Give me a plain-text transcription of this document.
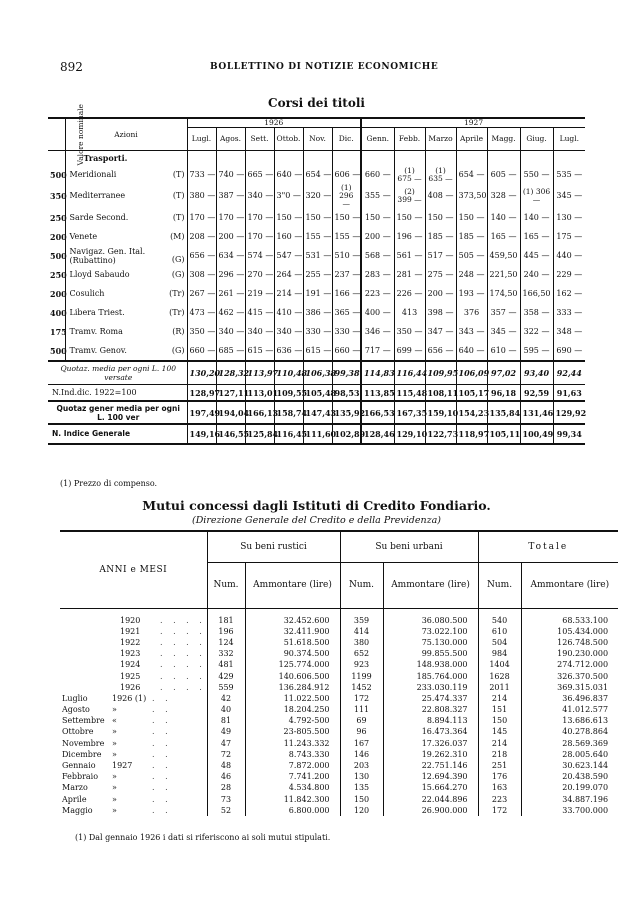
892	BOLLETTINO DI NOTIZIE ECONOMICHE
Corsi dei titoli
Valore nominale	Azioni	1926						1927						
		Lugl.	Agos.	Sett.	Ottob.	Nov.	Dic.	Genn.	Febb.	Marzo	Aprile	Magg.	Giug.	Lugl.
	Trasporti.													
500	Meridionali (T)	733 —	740 —	665 —	640 —	654 —	606 —	660 —	(1) 675 —	(1) 635 —	654 —	605 —	550 —	535 —
350	Mediterranee (T)	380 —	387 —	340 —	3"0 —	320 —	(1) 296 —	355 —	(2) 399 —	408 —	373,50	328 —	(1) 306 —	345 —
250	Sarde Second. (T)	170 —	170 —	170 —	150 —	150 —	150 —	150 —	150 —	150 —	150 —	140 —	140 —	130 —
200	Venete (M)	208 —	200 —	170 —	160 —	155 —	155 —	200 —	196 —	185 —	185 —	165 —	165 —	175 —
500	Navigaz. Gen. Ital. (Rubattino) (G)	656 —	634 —	574 —	547 —	531 —	510 —	568 —	561 —	517 —	505 —	459,50	445 —	440 —
250	Lloyd Sabaudo (G)	308 —	296 —	270 —	264 —	255 —	237 —	283 —	281 —	275 —	248 —	221,50	240 —	229 —
200	Cosulich (Tr)	267 —	261 —	219 —	214 —	191 —	166 —	223 —	226 —	200 —	193 —	174,50	166,50	162 —
400	Libera Triest. (Tr)	473 —	462 —	415 —	410 —	386 —	365 —	400 —	413	398 —	376	357 —	358 —	333 —
175	Tramv. Roma (R)	350 —	340 —	340 —	340 —	330 —	330 —	346 —	350 —	347 —	343 —	345 —	322 —	348 —
500	Tramv. Genov. (G)	660 —	685 —	615 —	636 —	615 —	660 —	717 —	699 —	656 —	640 —	610 —	595 —	690 —
Quotaz. media per ogni L. 100 versate		130,20	128,32	113,97	110,48	106,38	99,38	114,83	116,44	109,95	106,09	97,02	93,40	92,44
N.Ind.dic. 1922=100		128,97	127,11	113,01	109,55	105,48	98,53	113,85	115,48	108,11	105,17	96,18	92,59	91,63
Quotaz gener media per ogni L. 100 ver		197,49	194,04	166,13	158,74	147,43	135,92	166,53	167,35	159,10	154,23	135,84	131,46	129,92
N. Indice Generale		149,16	146,55	125,84	116,45	111,60	102,89	128,46	129,10	122,73	118,97	105,11	100,49	99,34
(1) Prezzo di compenso.
Mutui concessi dagli Istituti di Credito Fondiario.
(Direzione Generale del Credito e della Previdenza)
ANNI e MESI	Su beni rustici		Su beni urbani		Totale	
	Num.	Ammontare (lire)	Num.	Ammontare (lire)	Num.	Ammontare (lire)
1920 . . . .	181	32.452.600	359	36.080.500	540	68.533.100
1921 . . . .	196	32.411.900	414	73.022.100	610	105.434.000
1922 . . . .	124	51.618.500	380	75.130.000	504	126.748.500
1923 . . . .	332	90.374.500	652	99.855.500	984	190.230.000
1924 . . . .	481	125.774.000	923	148.938.000	1404	274.712.000
1925 . . . .	429	140.606.500	1199	185.764.000	1628	326.370.500
1926 . . . .	559	136.284.912	1452	233.030.119	2011	369.315.031
Luglio 1926 (1) . .	42	11.022.500	172	25.474.337	214	36.496.837
Agosto » . .	40	18.204.250	111	22.808.327	151	41.012.577
Settembre « . .	81	4.792-500	69	8.894.113	150	13.686.613
Ottobre » . .	49	23-805.500	96	16.473.364	145	40.278.864
Novembre » . .	47	11.243.332	167	17.326.037	214	28.569.369
Dicembre » . .	72	8.743.330	146	19.262.310	218	28.005.640
Gennaio 1927 . .	48	7.872.000	203	22.751.146	251	30.623.144
Febbraio » . .	46	7.741.200	130	12.694.390	176	20.438.590
Marzo » . .	28	4.534.800	135	15.664.270	163	20.199.070
Aprile » . .	73	11.842.300	150	22.044.896	223	34.887.196
Maggio » . .	52	6.800.000	120	26.900.000	172	33.700.000
(1) Dal gennaio 1926 i dati si riferiscono ai soli mutui stipulati.
